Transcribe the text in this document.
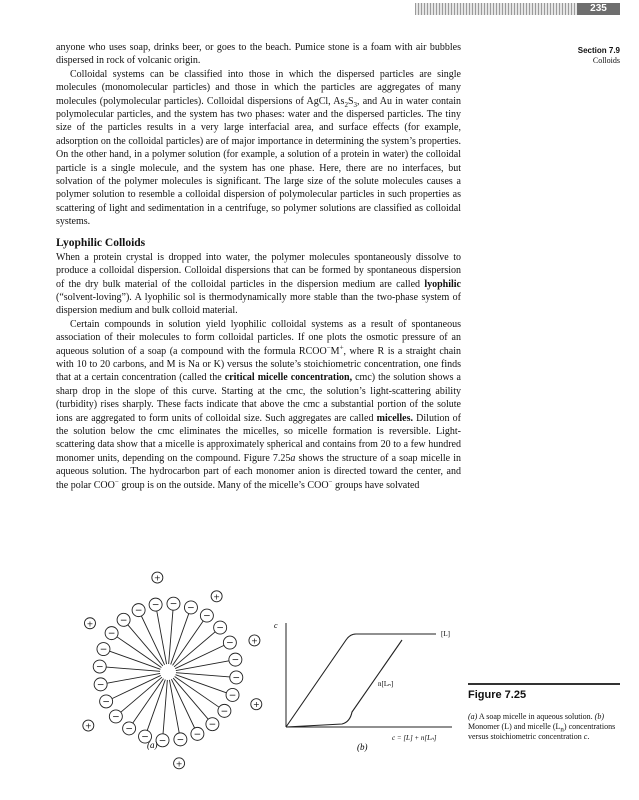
235
Section 7.9
Colloids

anyone who uses soap, drinks beer, or goes to the beach. Pumice stone is a foam with air bubbles dispersed in rock of volcanic origin.

Colloidal systems can be classified into those in which the dispersed particles are single molecules (monomolecular particles) and those in which the particles are aggregates of many molecules (polymolecular particles). Colloidal dispersions of AgCl, $As_2S_3$, and Au in water contain polymolecular particles, and the system has two phases: water and the dispersed particles. The tiny size of the particles results in a very large interfacial area, and surface effects (for example, adsorption on the colloidal particles) are of major importance in determining the system’s properties. On the other hand, in a polymer solution (for example, a solution of a protein in water) the colloidal particle is a single molecule, and the system has one phase. Here, there are no interfaces, but solvation of the polymer molecules is significant. The large size of the solute molecules causes a polymer solution to resemble a colloidal dispersion of polymolecular particles in such properties as scattering of light and sedimentation in a centrifuge, so polymer solutions are classified as colloidal systems.

Lyophilic Colloids

When a protein crystal is dropped into water, the polymer molecules spontaneously dissolve to produce a colloidal dispersion. Colloidal dispersions that can be formed by spontaneous dispersion of the dry bulk material of the colloidal particles in the dispersion medium are called lyophilic (“solvent-loving”). A lyophilic sol is thermodynamically more stable than the two-phase system of dispersion medium and bulk colloid material.

Certain compounds in solution yield lyophilic colloidal systems as a result of spontaneous association of their molecules to form colloidal particles. If one plots the osmotic pressure of an aqueous solution of a soap (a compound with the formula RCOO−M+, where R is a straight chain with 10 to 20 carbons, and M is Na or K) versus the solute’s stoichiometric concentration, one finds that at a certain concentration (called the critical micelle concentration, cmc) the solution shows a sharp drop in the slope of this curve. Starting at the cmc, the solution’s light-scattering ability (turbidity) rises sharply. These facts indicate that above the cmc a substantial portion of the solute ions are aggregated to form units of colloidal size. Such aggregates are called micelles. Dilution of the solution below the cmc eliminates the micelles, so micelle formation is reversible. Light-scattering data show that a micelle is approximately spherical and contains from 20 to a few hundred monomer units, depending on the compound. Figure 7.25a shows the structure of a soap micelle in aqueous solution. The hydrocarbon part of each monomer anion is directed toward the center, and the polar COO− group is on the outside. Many of the micelle’s COO− groups have solvated

− −
−
−
−
−
−
−
−
−
−
−
−
−
−
−
−
−
−
−
−
−
−
−
+
+
+
+
+
+
+
(a)
c
[L]
n[Lₙ]
c = [L] + n[Lₙ]
(b)
Figure 7.25
(a) A soap micelle in aqueous solution. (b) Monomer (L) and micelle $(L_n)$ concentrations versus stoichiometric concentration c.
